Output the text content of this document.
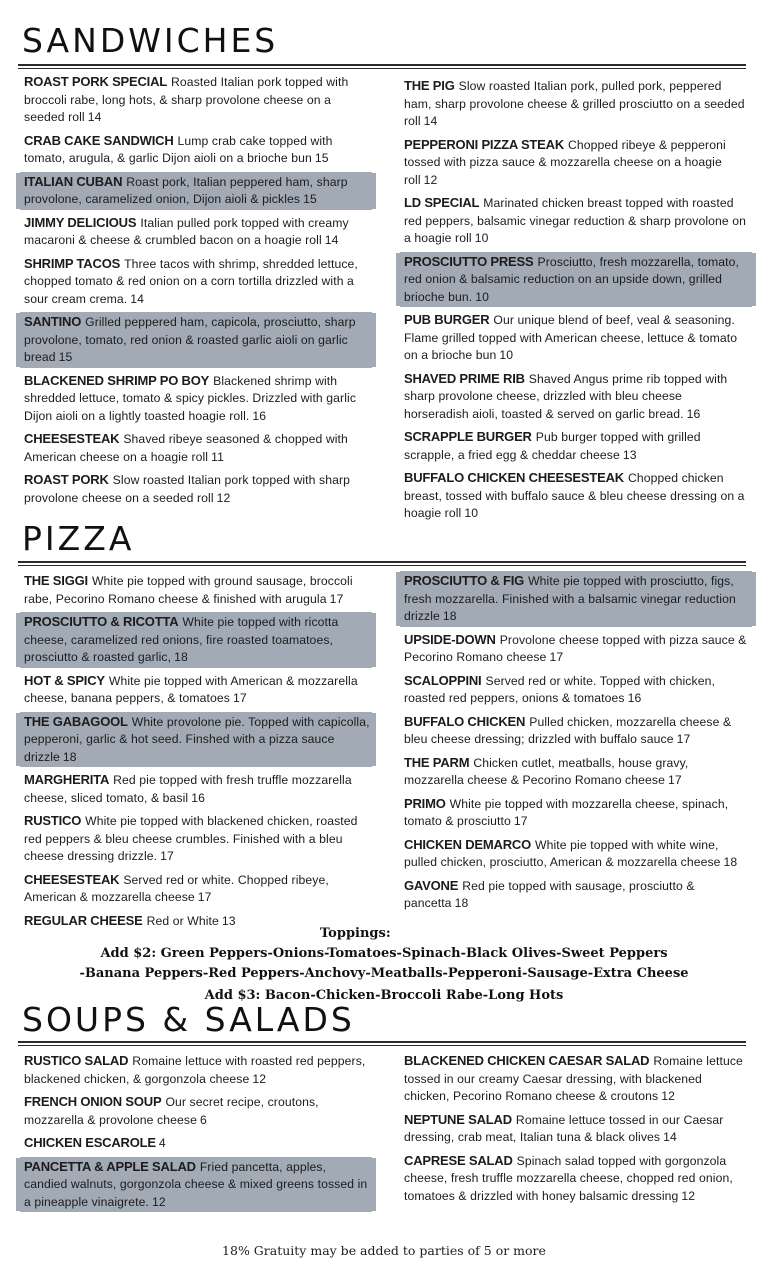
SANDWICHES

ROAST PORK SPECIAL Roasted Italian pork topped with broccoli rabe, long hots, & sharp provolone cheese on a seeded roll 14

CRAB CAKE SANDWICH Lump crab cake topped with tomato, arugula, & garlic Dijon aioli on a brioche bun 15

ITALIAN CUBAN Roast pork, Italian peppered ham, sharp provolone, caramelized onion, Dijon aioli & pickles 15

JIMMY DELICIOUS Italian pulled pork topped with creamy macaroni & cheese & crumbled bacon on a hoagie roll 14

SHRIMP TACOS Three tacos with shrimp, shredded lettuce, chopped tomato & red onion on a corn tortilla drizzled with a sour cream crema. 14

SANTINO Grilled peppered ham, capicola, prosciutto, sharp provolone, tomato, red onion & roasted garlic aioli on garlic bread 15

BLACKENED SHRIMP PO BOY Blackened shrimp with shredded lettuce, tomato & spicy pickles. Drizzled with garlic Dijon aioli on a lightly toasted hoagie roll. 16

CHEESESTEAK Shaved ribeye seasoned & chopped with American cheese on a hoagie roll 11

ROAST PORK Slow roasted Italian pork topped with sharp provolone cheese on a seeded roll 12

THE PIG Slow roasted Italian pork, pulled pork, peppered ham, sharp provolone cheese & grilled prosciutto on a seeded roll 14

PEPPERONI PIZZA STEAK Chopped ribeye & pepperoni tossed with pizza sauce & mozzarella cheese on a hoagie roll 12

LD SPECIAL Marinated chicken breast topped with roasted red peppers, balsamic vinegar reduction & sharp provolone on a hoagie roll 10

PROSCIUTTO PRESS Prosciutto, fresh mozzarella, tomato, red onion & balsamic reduction on an upside down, grilled brioche bun. 10

PUB BURGER Our unique blend of beef, veal & seasoning. Flame grilled topped with American cheese, lettuce & tomato on a brioche bun 10

SHAVED PRIME RIB Shaved Angus prime rib topped with sharp provolone cheese, drizzled with bleu cheese horseradish aioli, toasted & served on garlic bread. 16

SCRAPPLE BURGER Pub burger topped with grilled scrapple, a fried egg & cheddar cheese 13

BUFFALO CHICKEN CHEESESTEAK Chopped chicken breast, tossed with buffalo sauce & bleu cheese dressing on a hoagie roll 10

PIZZA

THE SIGGI White pie topped with ground sausage, broccoli rabe, Pecorino Romano cheese & finished with arugula 17

PROSCIUTTO & RICOTTA White pie topped with ricotta cheese, caramelized red onions, fire roasted toamatoes, prosciutto & roasted garlic, 18

HOT & SPICY White pie topped with American & mozzarella cheese, banana peppers, & tomatoes 17

THE GABAGOOL White provolone pie. Topped with capicolla, pepperoni, garlic & hot seed. Finshed with a pizza sauce drizzle 18

MARGHERITA Red pie topped with fresh truffle mozzarella cheese, sliced tomato, & basil 16

RUSTICO White pie topped with blackened chicken, roasted red peppers & bleu cheese crumbles. Finished with a bleu cheese dressing drizzle. 17

CHEESESTEAK Served red or white. Chopped ribeye, American & mozzarella cheese 17

REGULAR CHEESE Red or White 13

PROSCIUTTO & FIG White pie topped with prosciutto, figs, fresh mozzarella. Finished with a balsamic vinegar reduction drizzle 18

UPSIDE-DOWN Provolone cheese topped with pizza sauce & Pecorino Romano cheese 17

SCALOPPINI Served red or white. Topped with chicken, roasted red peppers, onions & tomatoes 16

BUFFALO CHICKEN Pulled chicken, mozzarella cheese & bleu cheese dressing; drizzled with buffalo sauce 17

THE PARM Chicken cutlet, meatballs, house gravy, mozzarella cheese & Pecorino Romano cheese 17

PRIMO White pie topped with mozzarella cheese, spinach, tomato & prosciutto 17

CHICKEN DEMARCO White pie topped with white wine, pulled chicken, prosciutto, American & mozzarella cheese 18

GAVONE Red pie topped with sausage, prosciutto & pancetta 18

Toppings:
Add $2: Green Peppers-Onions-Tomatoes-Spinach-Black Olives-Sweet Peppers
-Banana Peppers-Red Peppers-Anchovy-Meatballs-Pepperoni-Sausage-Extra Cheese
Add $3: Bacon-Chicken-Broccoli Rabe-Long Hots
SOUPS & SALADS

RUSTICO SALAD Romaine lettuce with roasted red peppers, blackened chicken, & gorgonzola cheese 12

FRENCH ONION SOUP Our secret recipe, croutons, mozzarella & provolone cheese 6

CHICKEN ESCAROLE 4

PANCETTA & APPLE SALAD Fried pancetta, apples, candied walnuts, gorgonzola cheese & mixed greens tossed in a pineapple vinaigrete. 12

BLACKENED CHICKEN CAESAR SALAD Romaine lettuce tossed in our creamy Caesar dressing, with blackened chicken, Pecorino Romano cheese & croutons 12

NEPTUNE SALAD Romaine lettuce tossed in our Caesar dressing, crab meat, Italian tuna & black olives 14

CAPRESE SALAD Spinach salad topped with gorgonzola cheese, fresh truffle mozzarella cheese, chopped red onion, tomatoes & drizzled with honey balsamic dressing 12

18% Gratuity may be added to parties of 5 or more
